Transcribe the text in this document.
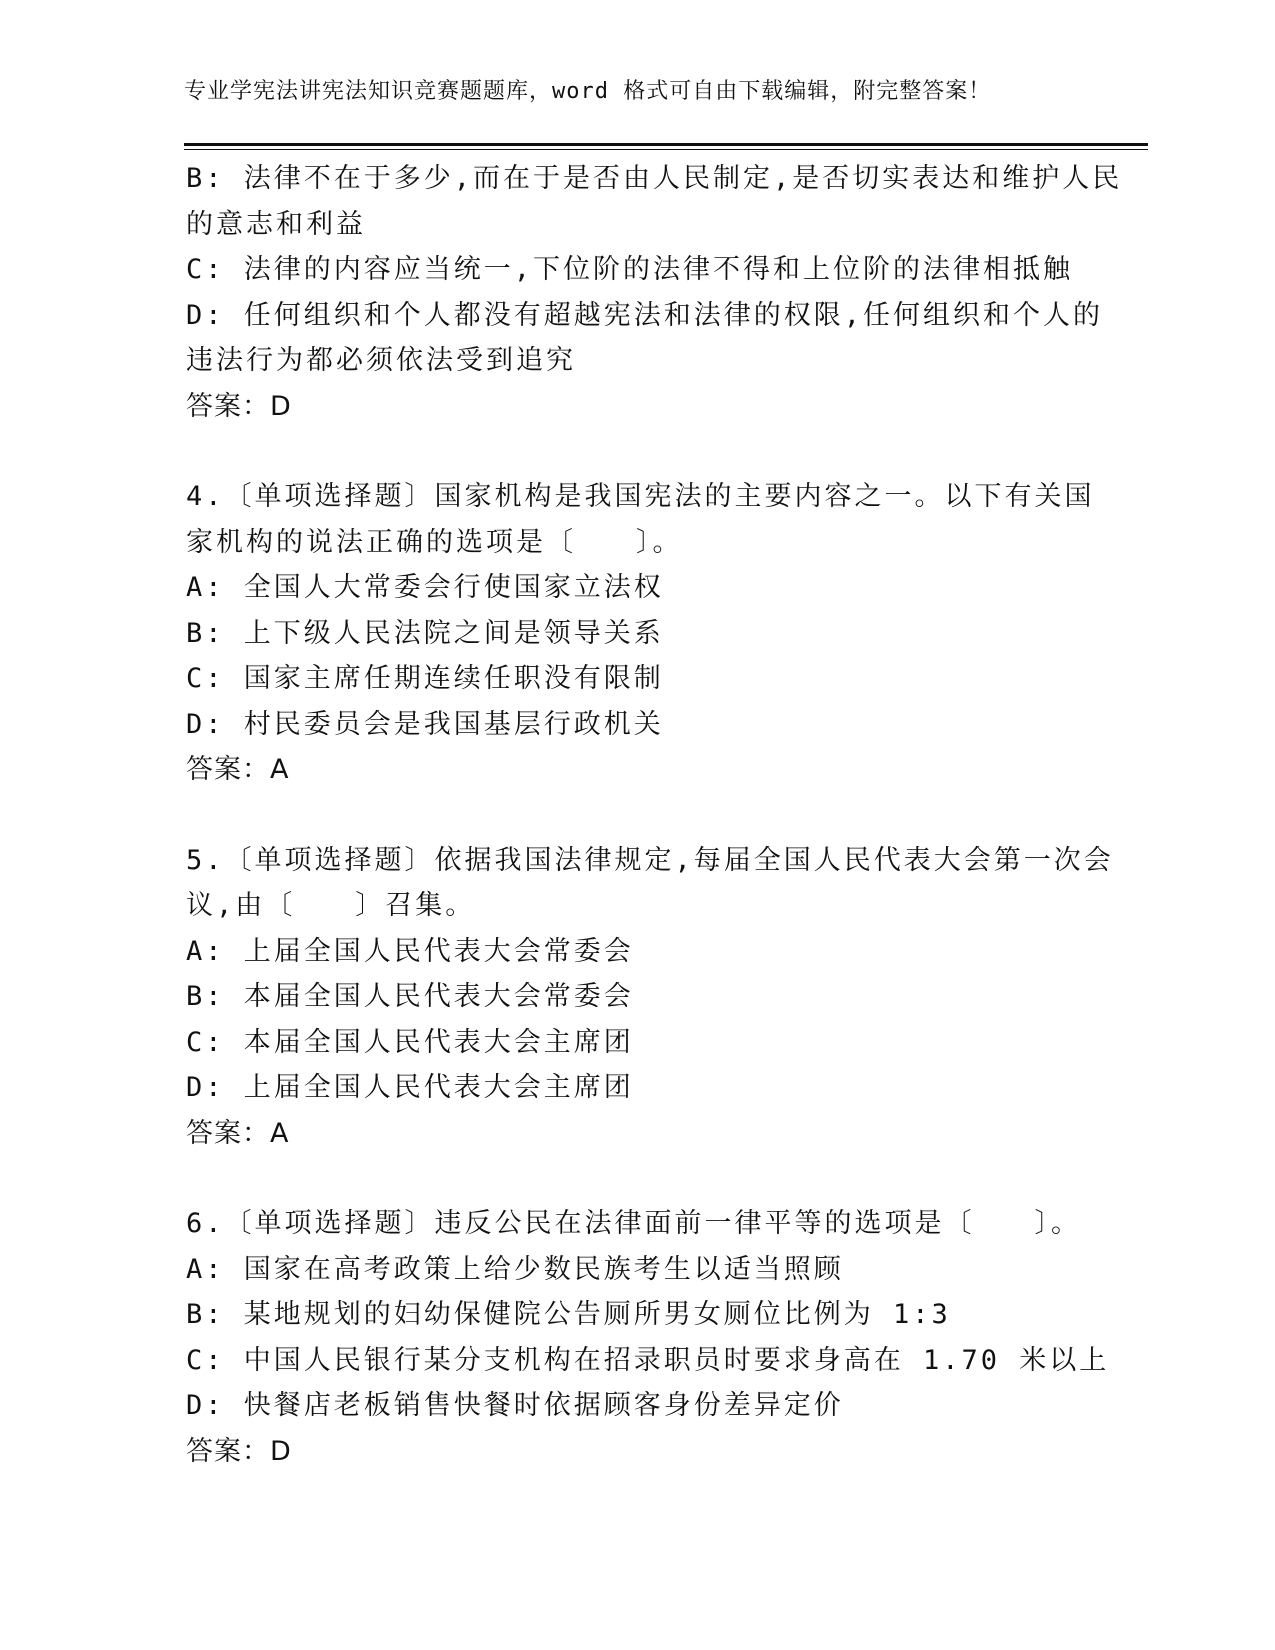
专业学宪法讲宪法知识竞赛题题库，word 格式可自由下载编辑，附完整答案！
B: 法律不在于多少,而在于是否由人民制定,是否切实表达和维护人民
的意志和利益
C: 法律的内容应当统一,下位阶的法律不得和上位阶的法律相抵触
D: 任何组织和个人都没有超越宪法和法律的权限,任何组织和个人的
违法行为都必须依法受到追究
答案：D
4.〔单项选择题〕国家机构是我国宪法的主要内容之一。以下有关国
家机构的说法正确的选项是〔　　〕。
A: 全国人大常委会行使国家立法权
B: 上下级人民法院之间是领导关系
C: 国家主席任期连续任职没有限制
D: 村民委员会是我国基层行政机关
答案：A
5.〔单项选择题〕依据我国法律规定,每届全国人民代表大会第一次会
议,由〔　　〕召集。
A: 上届全国人民代表大会常委会
B: 本届全国人民代表大会常委会
C: 本届全国人民代表大会主席团
D: 上届全国人民代表大会主席团
答案：A
6.〔单项选择题〕违反公民在法律面前一律平等的选项是〔　　〕。
A: 国家在高考政策上给少数民族考生以适当照顾
B: 某地规划的妇幼保健院公告厕所男女厕位比例为 1:3
C: 中国人民银行某分支机构在招录职员时要求身高在 1.70 米以上
D: 快餐店老板销售快餐时依据顾客身份差异定价
答案：D
